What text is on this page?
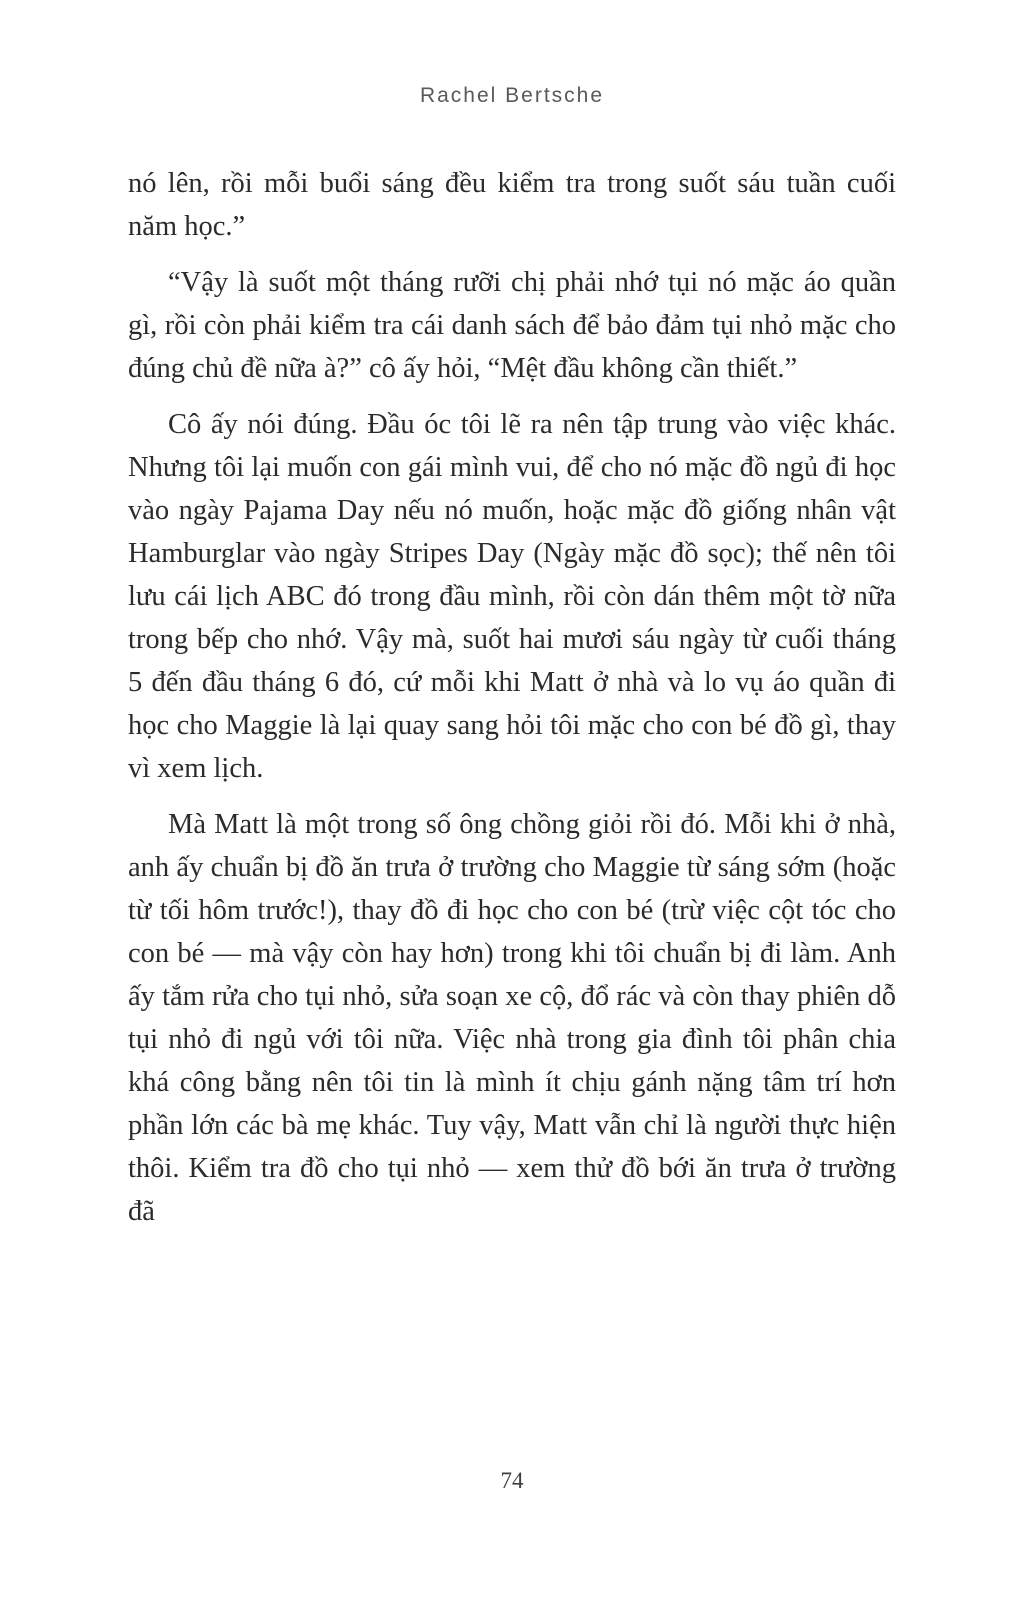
Rachel Bertsche

nó lên, rồi mỗi buổi sáng đều kiểm tra trong suốt sáu tuần cuối năm học.”

“Vậy là suốt một tháng rưỡi chị phải nhớ tụi nó mặc áo quần gì, rồi còn phải kiểm tra cái danh sách để bảo đảm tụi nhỏ mặc cho đúng chủ đề nữa à?” cô ấy hỏi, “Mệt đầu không cần thiết.”

Cô ấy nói đúng. Đầu óc tôi lẽ ra nên tập trung vào việc khác. Nhưng tôi lại muốn con gái mình vui, để cho nó mặc đồ ngủ đi học vào ngày Pajama Day nếu nó muốn, hoặc mặc đồ giống nhân vật Hamburglar vào ngày Stripes Day (Ngày mặc đồ sọc); thế nên tôi lưu cái lịch ABC đó trong đầu mình, rồi còn dán thêm một tờ nữa trong bếp cho nhớ. Vậy mà, suốt hai mươi sáu ngày từ cuối tháng 5 đến đầu tháng 6 đó, cứ mỗi khi Matt ở nhà và lo vụ áo quần đi học cho Maggie là lại quay sang hỏi tôi mặc cho con bé đồ gì, thay vì xem lịch.

Mà Matt là một trong số ông chồng giỏi rồi đó. Mỗi khi ở nhà, anh ấy chuẩn bị đồ ăn trưa ở trường cho Maggie từ sáng sớm (hoặc từ tối hôm trước!), thay đồ đi học cho con bé (trừ việc cột tóc cho con bé — mà vậy còn hay hơn) trong khi tôi chuẩn bị đi làm. Anh ấy tắm rửa cho tụi nhỏ, sửa soạn xe cộ, đổ rác và còn thay phiên dỗ tụi nhỏ đi ngủ với tôi nữa. Việc nhà trong gia đình tôi phân chia khá công bằng nên tôi tin là mình ít chịu gánh nặng tâm trí hơn phần lớn các bà mẹ khác. Tuy vậy, Matt vẫn chỉ là người thực hiện thôi. Kiểm tra đồ cho tụi nhỏ — xem thử đồ bới ăn trưa ở trường đã

74
